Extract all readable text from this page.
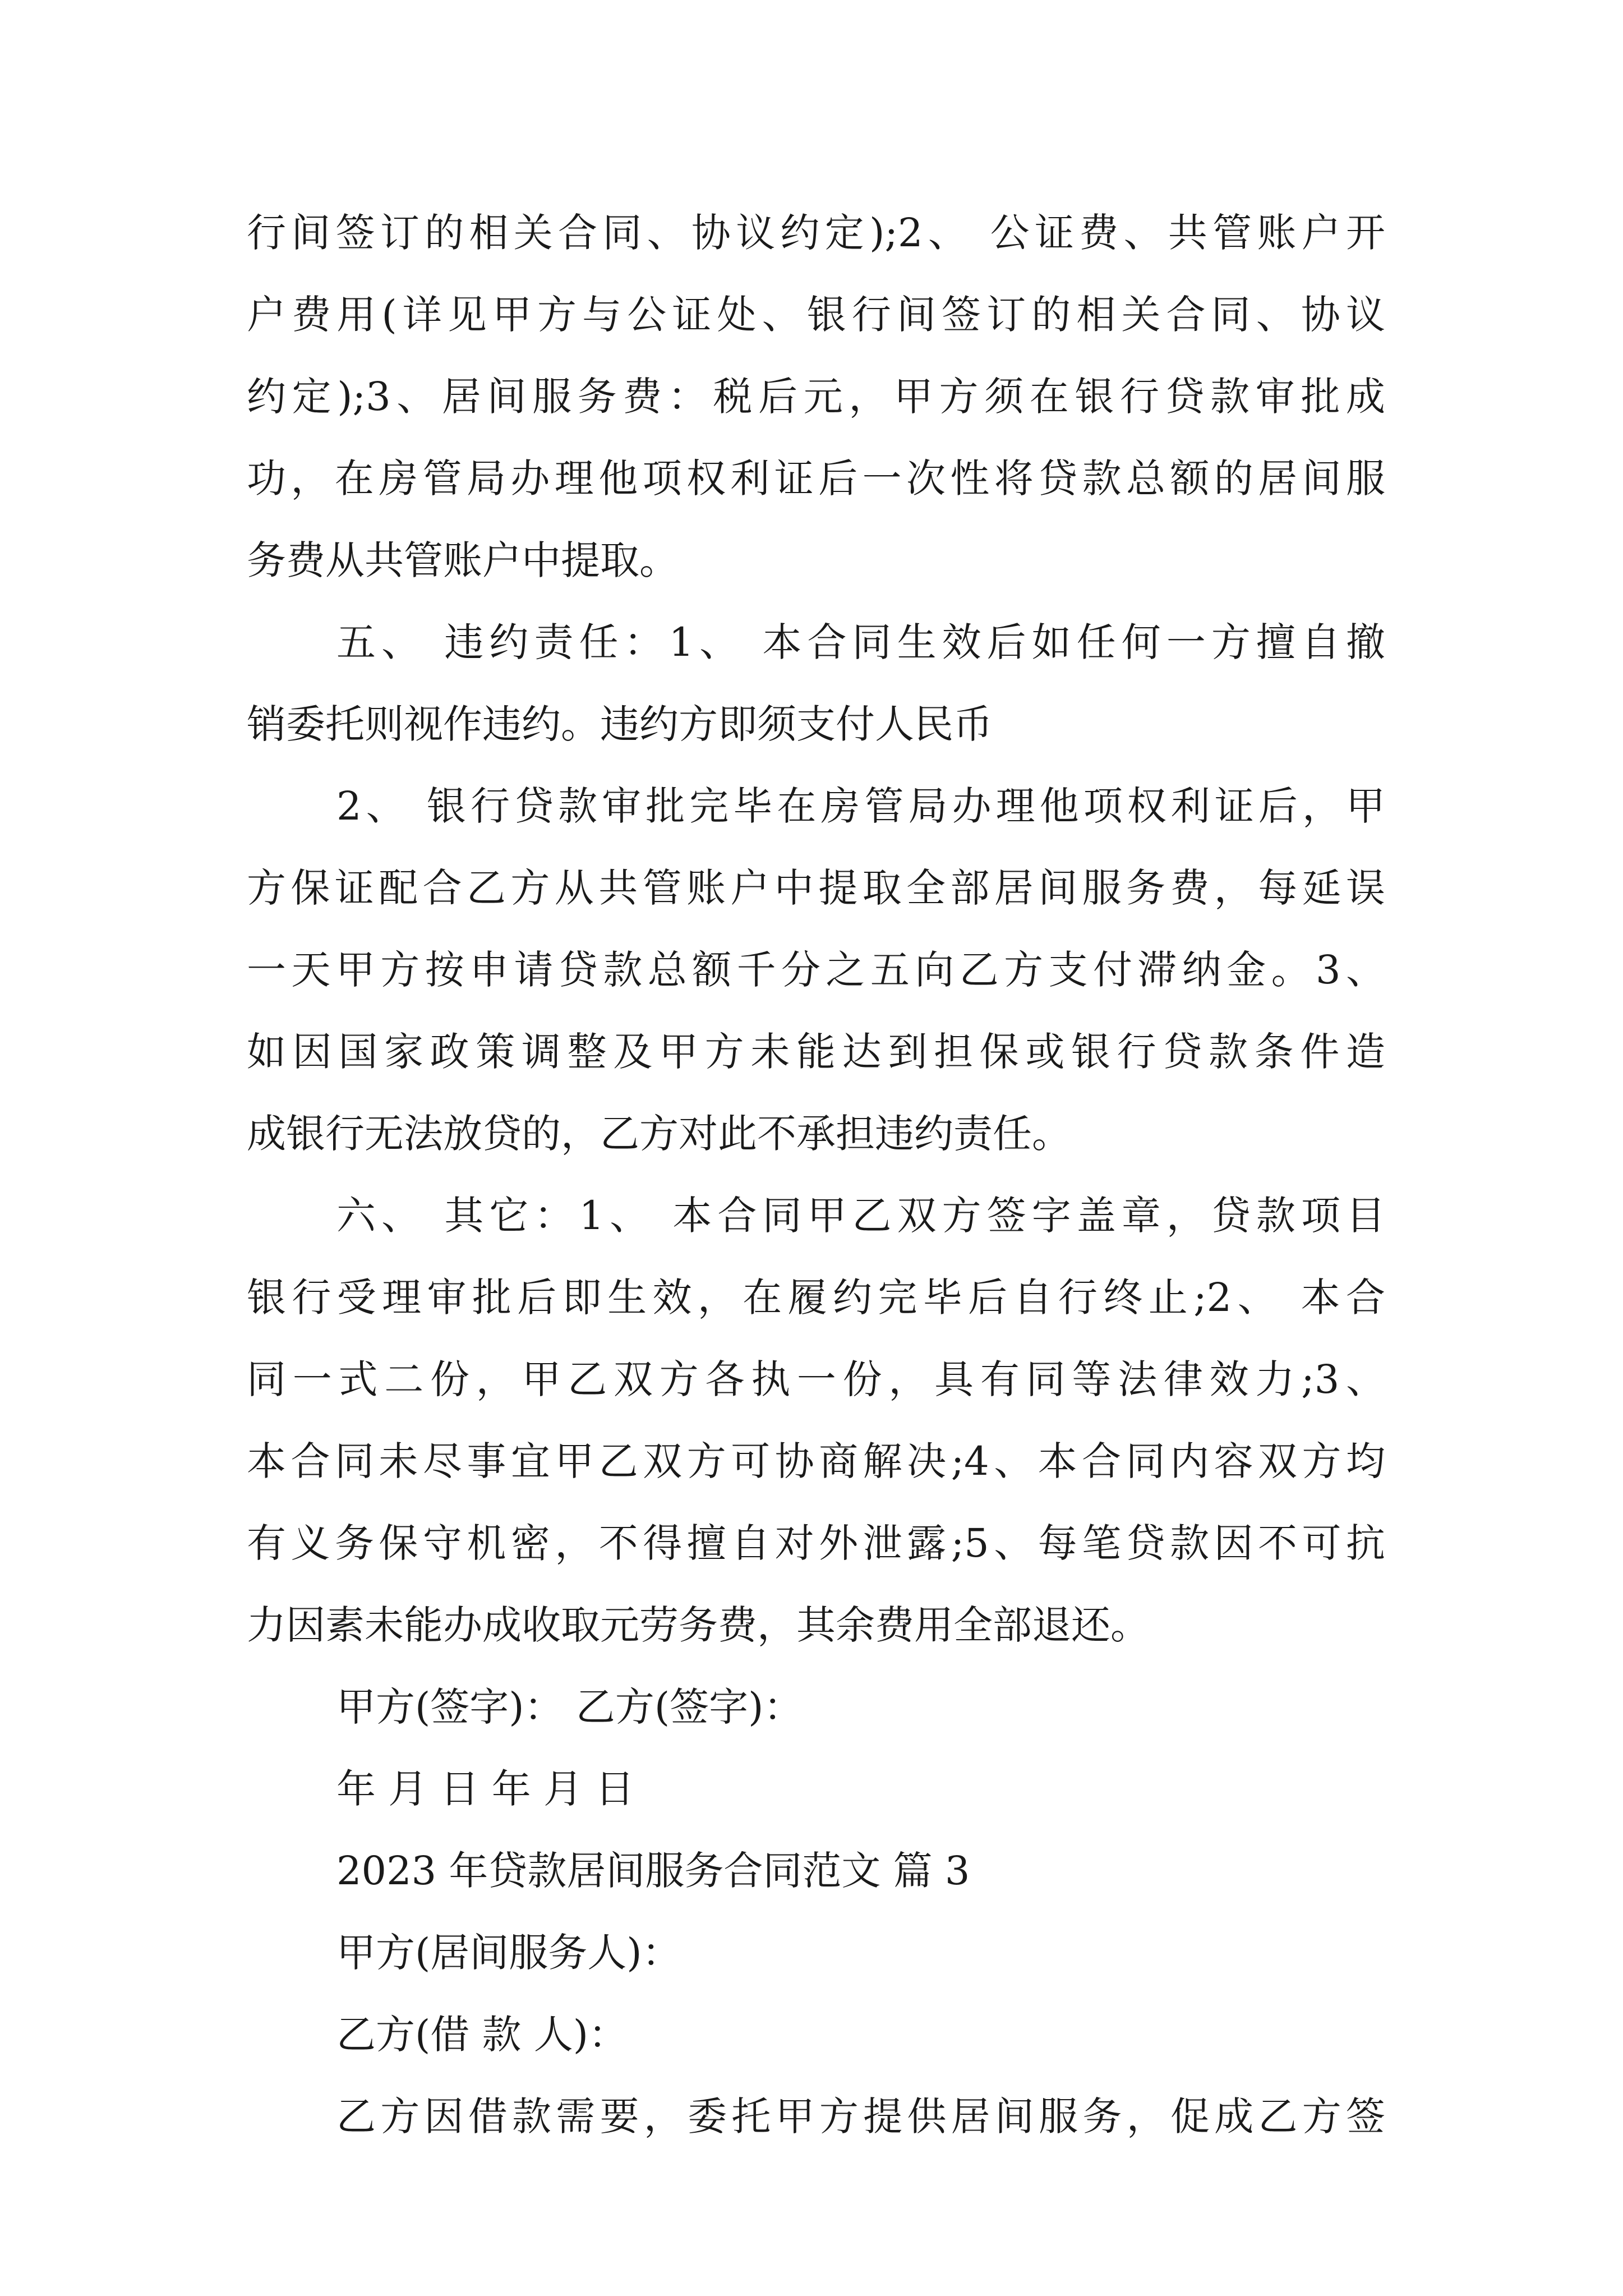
行间签订的相关合同、协议约定);2、 公证费、共管账户开
户费用(详见甲方与公证处、银行间签订的相关合同、协议
约定);3、居间服务费：税后元，甲方须在银行贷款审批成
功，在房管局办理他项权利证后一次性将贷款总额的居间服
务费从共管账户中提取。
五、 违约责任：1、 本合同生效后如任何一方擅自撤
销委托则视作违约。违约方即须支付人民币
2、 银行贷款审批完毕在房管局办理他项权利证后，甲
方保证配合乙方从共管账户中提取全部居间服务费，每延误
一天甲方按申请贷款总额千分之五向乙方支付滞纳金。3、
如因国家政策调整及甲方未能达到担保或银行贷款条件造
成银行无法放贷的，乙方对此不承担违约责任。
六、 其它：1、 本合同甲乙双方签字盖章，贷款项目
银行受理审批后即生效，在履约完毕后自行终止;2、 本合
同一式二份，甲乙双方各执一份，具有同等法律效力;3、
本合同未尽事宜甲乙双方可协商解决;4、本合同内容双方均
有义务保守机密，不得擅自对外泄露;5、每笔贷款因不可抗
力因素未能办成收取元劳务费，其余费用全部退还。
甲方(签字)： 乙方(签字)：
年 月 日 年 月 日
2023 年贷款居间服务合同范文 篇 3
甲方(居间服务人)：
乙方(借 款 人)：
乙方因借款需要，委托甲方提供居间服务，促成乙方签
